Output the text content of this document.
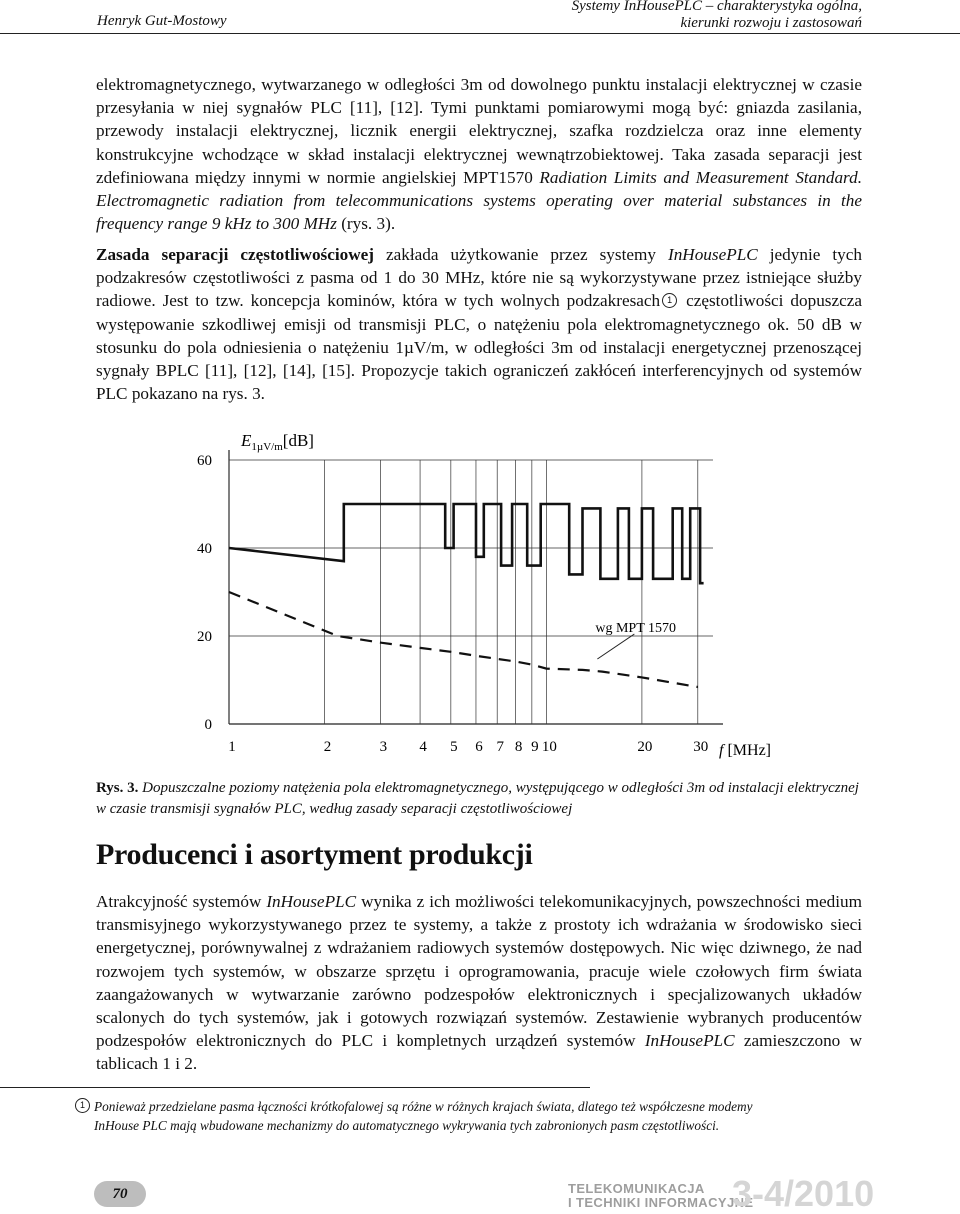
Henryk Gut-Mostowy
Systemy InHousePLC – charakterystyka ogólna,
kierunki rozwoju i zastosowań

elektromagnetycznego, wytwarzanego w odległości 3m od dowolnego punktu instalacji elektrycznej w czasie przesyłania w niej sygnałów PLC [11], [12]. Tymi punktami pomiarowymi mogą być: gniazda zasilania, przewody instalacji elektrycznej, licznik energii elektrycznej, szafka rozdzielcza oraz inne elementy konstrukcyjne wchodzące w skład instalacji elektrycznej wewnątrzobiektowej. Taka zasada separacji jest zdefiniowana między innymi w normie angielskiej MPT1570 Radiation Limits and Measurement Standard. Electromagnetic radiation from telecommunications systems operating over material substances in the frequency range 9 kHz to 300 MHz (rys. 3).

Zasada separacji częstotliwościowej zakłada użytkowanie przez systemy InHousePLC jedynie tych podzakresów częstotliwości z pasma od 1 do 30 MHz, które nie są wykorzystywane przez istniejące służby radiowe. Jest to tzw. koncepcja kominów, która w tych wolnych podzakresach 1 częstotliwości dopuszcza występowanie szkodliwej emisji od transmisji PLC, o natężeniu pola elektromagnetycznego ok. 50 dB w stosunku do pola odniesienia o natężeniu 1µV/m, w odległości 3m od instalacji energetycznej przenoszącej sygnały BPLC [11], [12], [14], [15]. Propozycje takich ograniczeń zakłóceń interferencyjnych od systemów PLC pokazano na rys. 3.

0
20
40
60
1	2	3 4 5 6 7 8 9 10	20	30
wg MPT 1570
$E_{1\mu V/m}[dB]$
f [MHz]

Rys. 3. Dopuszczalne poziomy natężenia pola elektromagnetycznego, występującego w odległości 3m od instalacji elektrycznej w czasie transmisji sygnałów PLC, według zasady separacji częstotliwościowej

Producenci i asortyment produkcji

Atrakcyjność systemów InHousePLC wynika z ich możliwości telekomunikacyjnych, powszechności medium transmisyjnego wykorzystywanego przez te systemy, a także z prostoty ich wdrażania w środowisko sieci energetycznej, porównywalnej z wdrażaniem radiowych systemów dostępowych. Nic więc dziwnego, że nad rozwojem tych systemów, w obszarze sprzętu i oprogramowania, pracuje wiele czołowych firm świata zaangażowanych w wytwarzanie zarówno podzespołów elektronicznych i specjalizowanych układów scalonych do tych systemów, jak i gotowych rozwiązań systemów. Zestawienie wybranych producentów podzespołów elektronicznych do PLC i kompletnych urządzeń systemów InHousePLC zamieszczono w tablicach 1 i 2.

1 Ponieważ przedzielane pasma łączności krótkofalowej są różne w różnych krajach świata, dlatego też współczesne modemy
InHouse PLC mają wbudowane mechanizmy do automatycznego wykrywania tych zabronionych pasm częstotliwości.

70	TELEKOMUNIKACJA
I TECHNIKI INFORMACYJNE
3-4/2010
